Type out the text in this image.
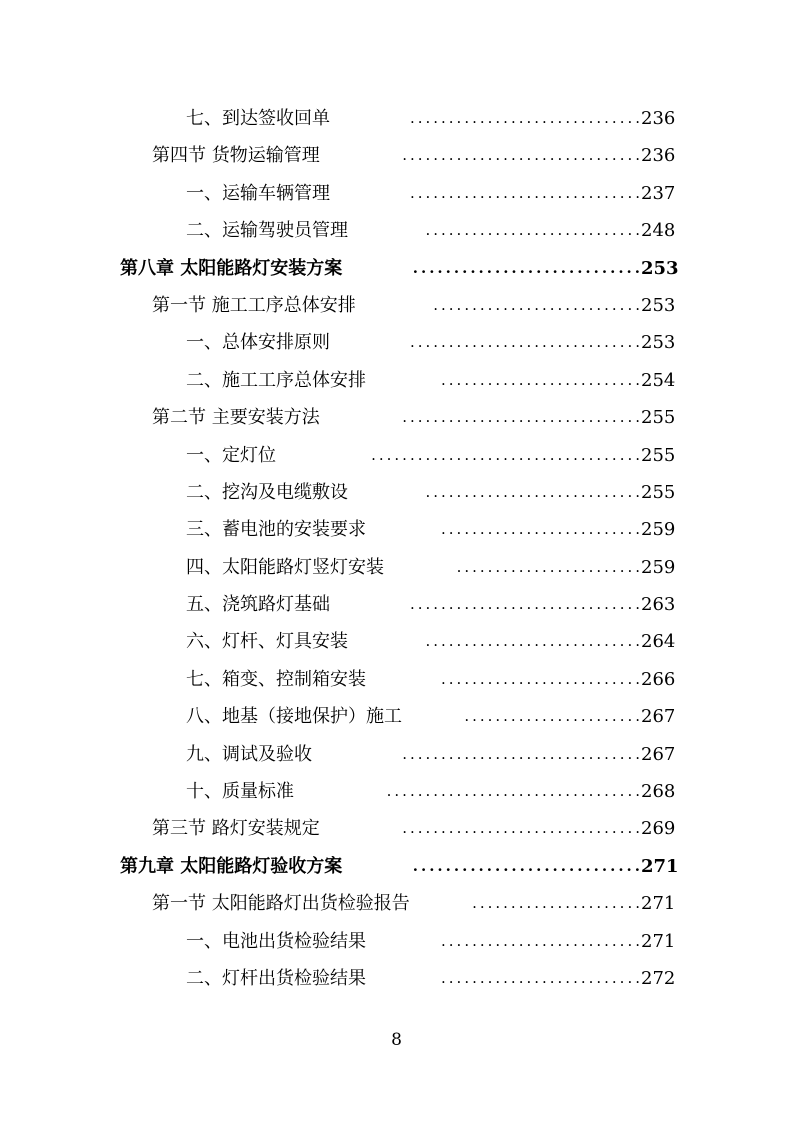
..............................
七、到达签收回单	236
...............................
第四节 货物运输管理	236
..............................
一、运输车辆管理	237
............................
二、运输驾驶员管理	248
............................
第八章 太阳能路灯安装方案	253
...........................
第一节 施工工序总体安排	253
..............................
一、总体安排原则	253
..........................
二、施工工序总体安排	254
...............................
第二节 主要安装方法	255
...................................
一、定灯位	255
............................
二、挖沟及电缆敷设	255
..........................
三、蓄电池的安装要求	259
........................
四、太阳能路灯竖灯安装	259
..............................
五、浇筑路灯基础	263
............................
六、灯杆、灯具安装	264
..........................
七、箱变、控制箱安装	266
.......................
八、地基（接地保护）施工	267
...............................
九、调试及验收	267
.................................
十、质量标准	268
...............................
第三节 路灯安装规定	269
............................
第九章 太阳能路灯验收方案	271
......................
第一节 太阳能路灯出货检验报告	271
..........................
一、电池出货检验结果	271
..........................
二、灯杆出货检验结果	272
8
